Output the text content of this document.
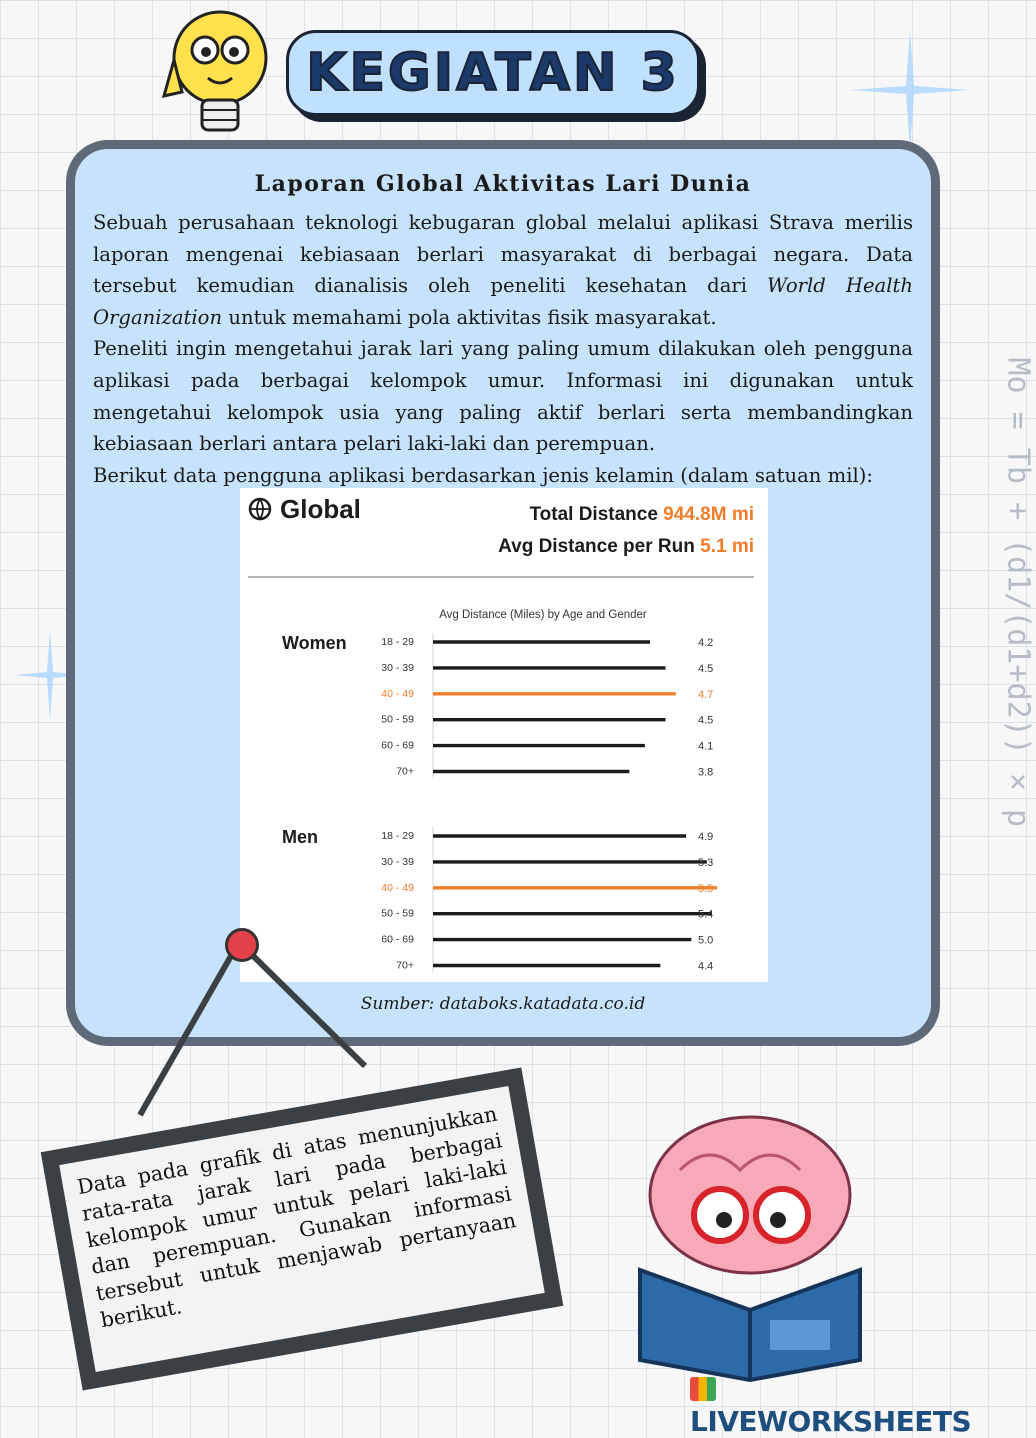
KEGIATAN 3
Laporan Global Aktivitas Lari Dunia

Sebuah perusahaan teknologi kebugaran global melalui aplikasi Strava merilis laporan mengenai kebiasaan berlari masyarakat di berbagai negara. Data tersebut kemudian dianalisis oleh peneliti kesehatan dari World Health Organization untuk memahami pola aktivitas fisik masyarakat.

Peneliti ingin mengetahui jarak lari yang paling umum dilakukan oleh pengguna aplikasi pada berbagai kelompok umur. Informasi ini digunakan untuk mengetahui kelompok usia yang paling aktif berlari serta membandingkan kebiasaan berlari antara pelari laki-laki dan perempuan.

Berikut data pengguna aplikasi berdasarkan jenis kelamin (dalam satuan mil):

Sumber: databoks.katadata.co.id
Global	Total Distance 944.8M mi
Avg Distance per Run 5.1 mi
Avg Distance (Miles) by Age and Gender
Women	18 - 29	4.2
30 - 39	4.5
40 - 49	4.7
50 - 59	4.5
60 - 69	4.1
70+	3.8
Men	18 - 29	4.9
30 - 39	5.3
40 - 49	5.5
50 - 59	5.4
60 - 69	5.0
70+	4.4
Data pada grafik di atas menunjukkan rata-rata jarak lari pada berbagai kelompok umur untuk pelari laki-laki dan perempuan. Gunakan informasi tersebut untuk menjawab pertanyaan berikut.
Mo = Tb + (d1/(d1+d2)) × p
LIVEWORKSHEETS
